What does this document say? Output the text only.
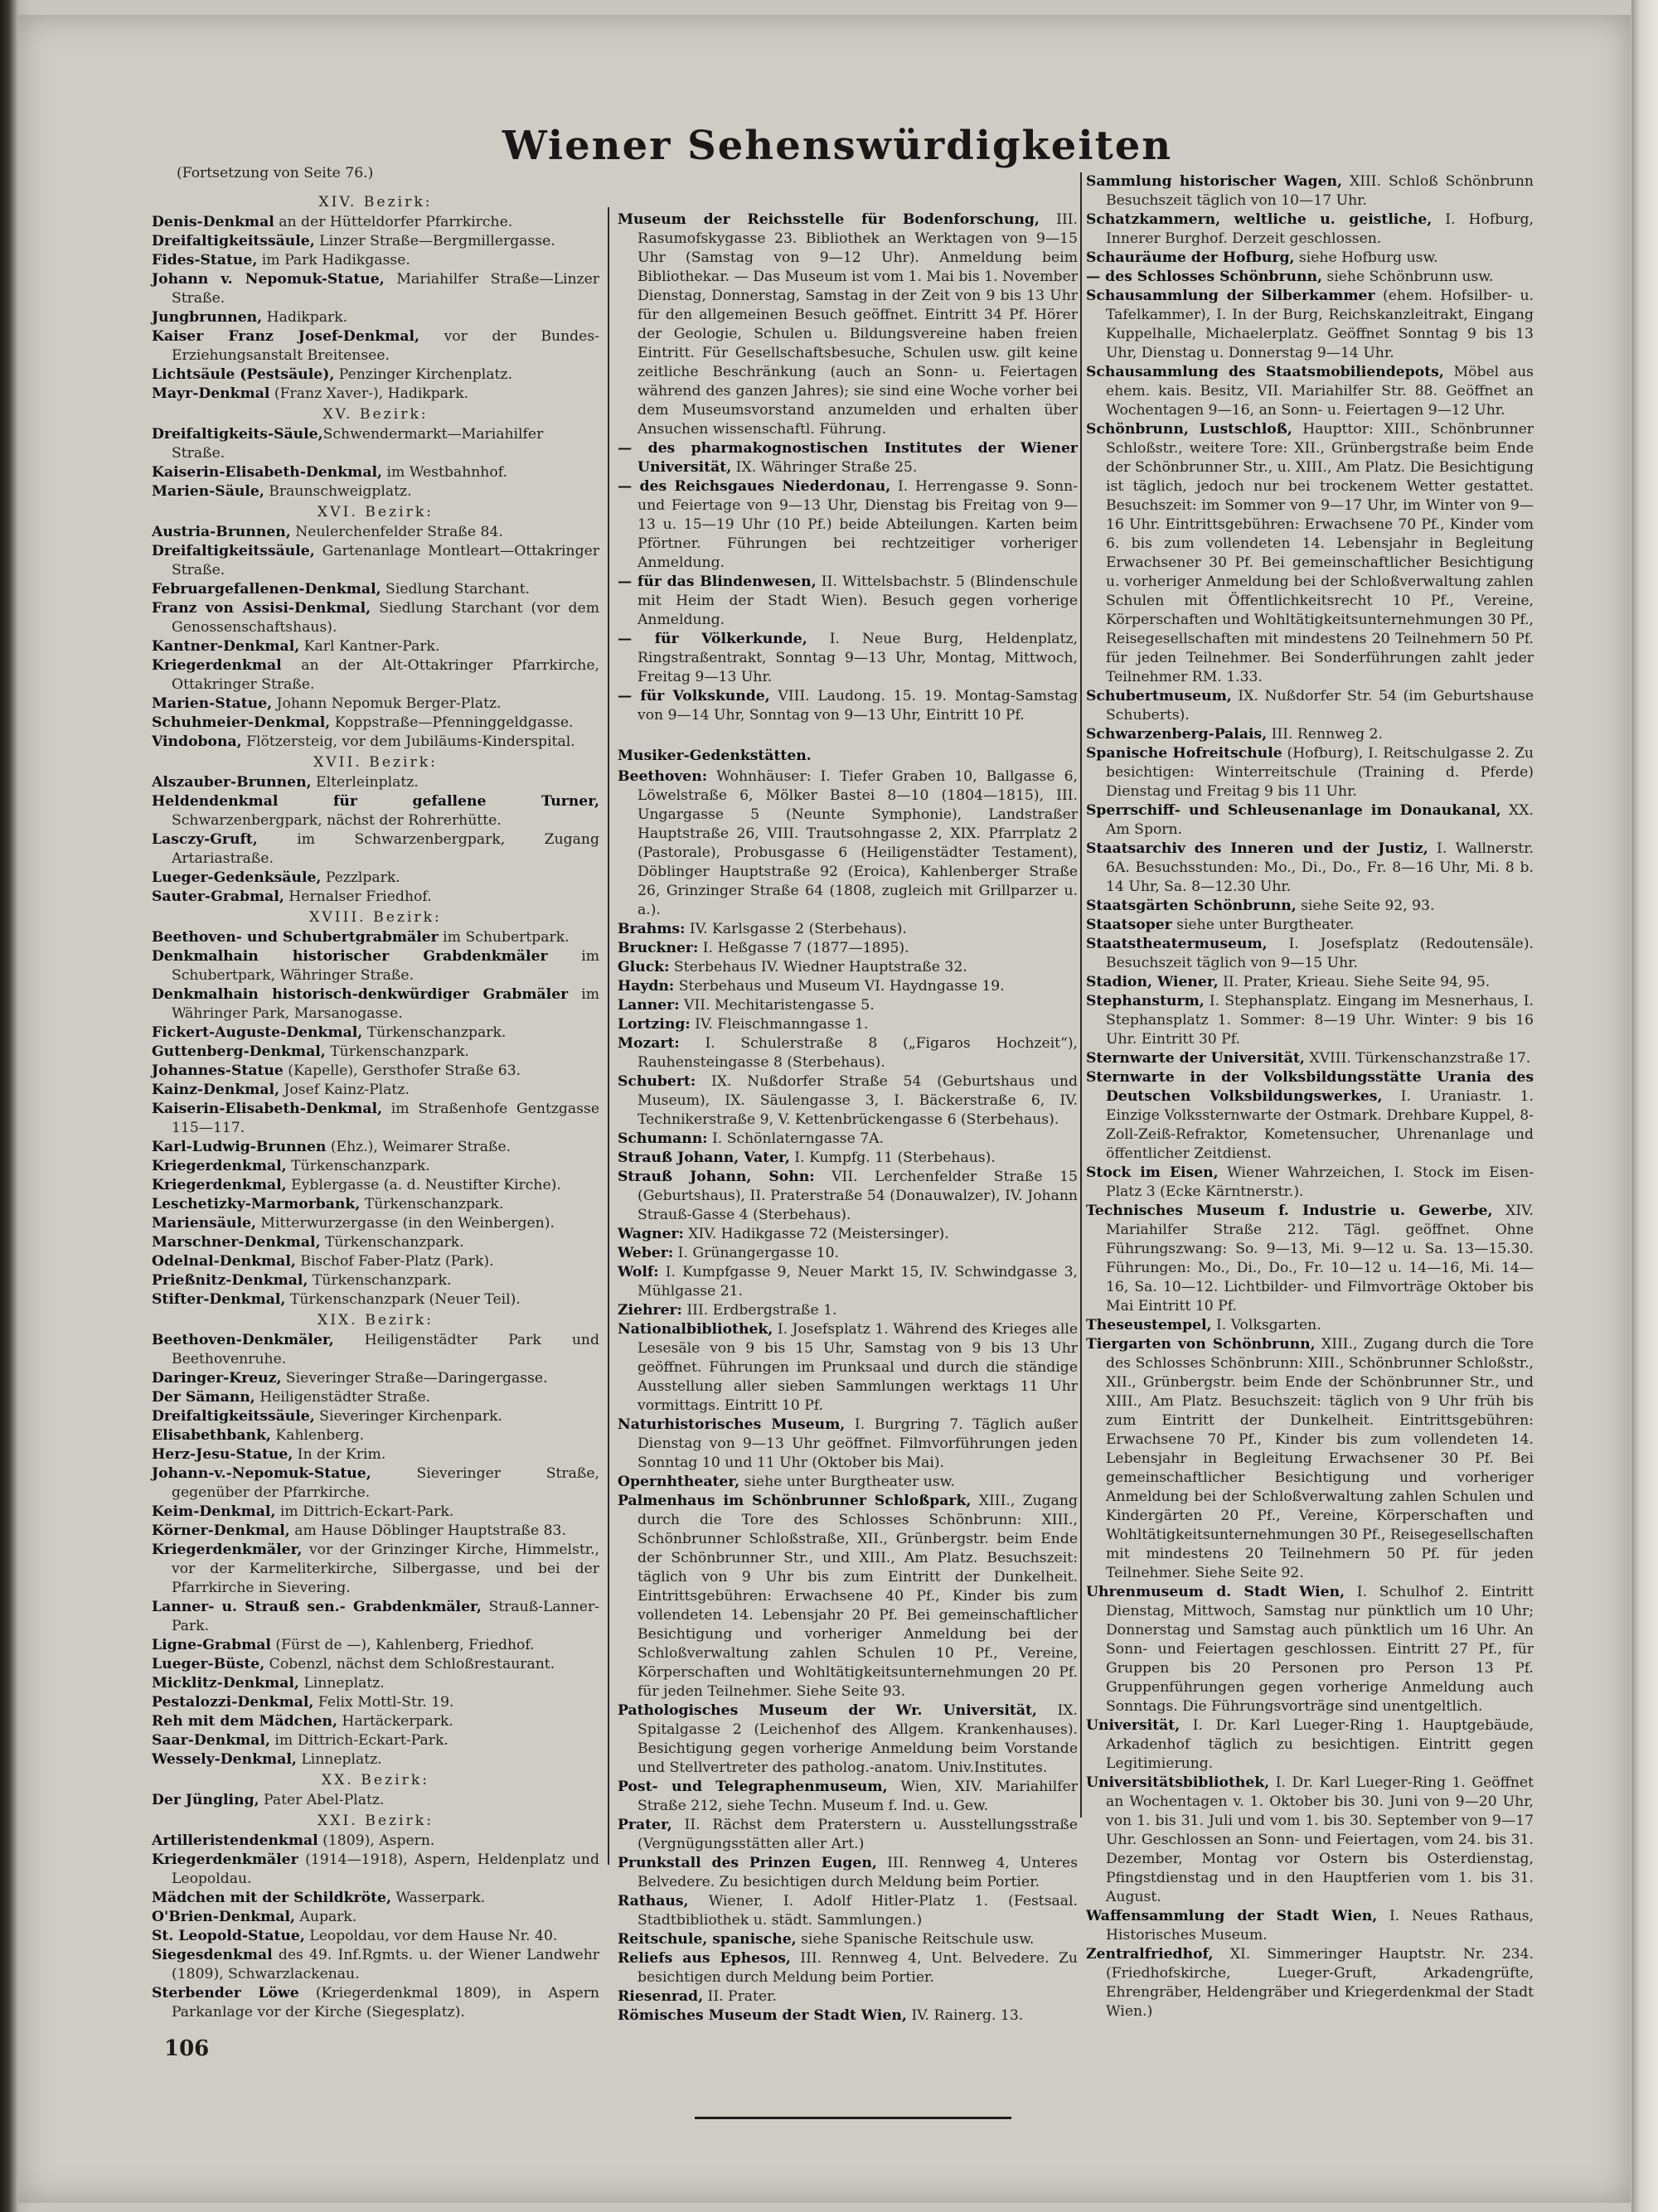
Wiener Sehenswürdigkeiten

(Fortsetzung von Seite 76.)

XIV. Bezirk:

Denis-Denkmal an der Hütteldorfer Pfarrkirche.

Dreifaltigkeitssäule, Linzer Straße—Bergmillergasse.

Fides-Statue, im Park Hadikgasse.

Johann v. Nepomuk-Statue, Mariahilfer Straße—Linzer Straße.

Jungbrunnen, Hadikpark.

Kaiser Franz Josef-Denkmal, vor der Bundes-Erziehungsanstalt Breitensee.

Lichtsäule (Pestsäule), Penzinger Kirchenplatz.

Mayr-Denkmal (Franz Xaver-), Hadikpark.

XV. Bezirk:

Dreifaltigkeits-Säule,Schwendermarkt—Mariahilfer Straße.

Kaiserin-Elisabeth-Denkmal, im Westbahnhof.

Marien-Säule, Braunschweigplatz.

XVI. Bezirk:

Austria-Brunnen, Neulerchenfelder Straße 84.

Dreifaltigkeitssäule, Gartenanlage Montleart—Ottakringer Straße.

Februargefallenen-Denkmal, Siedlung Starchant.

Franz von Assisi-Denkmal, Siedlung Starchant (vor dem Genossenschaftshaus).

Kantner-Denkmal, Karl Kantner-Park.

Kriegerdenkmal an der Alt-Ottakringer Pfarrkirche, Ottakringer Straße.

Marien-Statue, Johann Nepomuk Berger-Platz.

Schuhmeier-Denkmal, Koppstraße—Pfenninggeldgasse.

Vindobona, Flötzersteig, vor dem Jubiläums-Kinderspital.

XVII. Bezirk:

Alszauber-Brunnen, Elterleinplatz.

Heldendenkmal für gefallene Turner, Schwarzenbergpark, nächst der Rohrerhütte.

Lasczy-Gruft, im Schwarzenbergpark, Zugang Artariastraße.

Lueger-Gedenksäule, Pezzlpark.

Sauter-Grabmal, Hernalser Friedhof.

XVIII. Bezirk:

Beethoven- und Schubertgrabmäler im Schubertpark.

Denkmalhain historischer Grabdenkmäler im Schubertpark, Währinger Straße.

Denkmalhain historisch-denkwürdiger Grabmäler im Währinger Park, Marsanogasse.

Fickert-Auguste-Denkmal, Türkenschanzpark.

Guttenberg-Denkmal, Türkenschanzpark.

Johannes-Statue (Kapelle), Gersthofer Straße 63.

Kainz-Denkmal, Josef Kainz-Platz.

Kaiserin-Elisabeth-Denkmal, im Straßenhofe Gentzgasse 115—117.

Karl-Ludwig-Brunnen (Ehz.), Weimarer Straße.

Kriegerdenkmal, Türkenschanzpark.

Kriegerdenkmal, Eyblergasse (a. d. Neustifter Kirche).

Leschetizky-Marmorbank, Türkenschanzpark.

Mariensäule, Mitterwurzergasse (in den Weinbergen).

Marschner-Denkmal, Türkenschanzpark.

Odelnal-Denkmal, Bischof Faber-Platz (Park).

Prießnitz-Denkmal, Türkenschanzpark.

Stifter-Denkmal, Türkenschanzpark (Neuer Teil).

XIX. Bezirk:

Beethoven-Denkmäler, Heiligenstädter Park und Beethovenruhe.

Daringer-Kreuz, Sieveringer Straße—Daringergasse.

Der Sämann, Heiligenstädter Straße.

Dreifaltigkeitssäule, Sieveringer Kirchenpark.

Elisabethbank, Kahlenberg.

Herz-Jesu-Statue, In der Krim.

Johann-v.-Nepomuk-Statue, Sieveringer Straße, gegenüber der Pfarrkirche.

Keim-Denkmal, im Dittrich-Eckart-Park.

Körner-Denkmal, am Hause Döblinger Hauptstraße 83.

Kriegerdenkmäler, vor der Grinzinger Kirche, Himmelstr., vor der Karmeliterkirche, Silbergasse, und bei der Pfarrkirche in Sievering.

Lanner- u. Strauß sen.- Grabdenkmäler, Strauß-Lanner-Park.

Ligne-Grabmal (Fürst de —), Kahlenberg, Friedhof.

Lueger-Büste, Cobenzl, nächst dem Schloßrestaurant.

Micklitz-Denkmal, Linneplatz.

Pestalozzi-Denkmal, Felix Mottl-Str. 19.

Reh mit dem Mädchen, Hartäckerpark.

Saar-Denkmal, im Dittrich-Eckart-Park.

Wessely-Denkmal, Linneplatz.

XX. Bezirk:

Der Jüngling, Pater Abel-Platz.

XXI. Bezirk:

Artilleristendenkmal (1809), Aspern.

Kriegerdenkmäler (1914—1918), Aspern, Heldenplatz und Leopoldau.

Mädchen mit der Schildkröte, Wasserpark.

O'Brien-Denkmal, Aupark.

St. Leopold-Statue, Leopoldau, vor dem Hause Nr. 40.

Siegesdenkmal des 49. Inf.Rgmts. u. der Wiener Landwehr (1809), Schwarzlackenau.

Sterbender Löwe (Kriegerdenkmal 1809), in Aspern Parkanlage vor der Kirche (Siegesplatz).

Museum der Reichsstelle für Bodenforschung, III. Rasumofskygasse 23. Bibliothek an Werktagen von 9—15 Uhr (Samstag von 9—12 Uhr). Anmeldung beim Bibliothekar. — Das Museum ist vom 1. Mai bis 1. November Dienstag, Donnerstag, Samstag in der Zeit von 9 bis 13 Uhr für den allgemeinen Besuch geöffnet. Eintritt 34 Pf. Hörer der Geologie, Schulen u. Bildungsvereine haben freien Eintritt. Für Gesellschaftsbesuche, Schulen usw. gilt keine zeitliche Beschränkung (auch an Sonn- u. Feiertagen während des ganzen Jahres); sie sind eine Woche vorher bei dem Museumsvorstand anzumelden und erhalten über Ansuchen wissenschaftl. Führung.

— des pharmakognostischen Institutes der Wiener Universität, IX. Währinger Straße 25.

— des Reichsgaues Niederdonau, I. Herrengasse 9. Sonn- und Feiertage von 9—13 Uhr, Dienstag bis Freitag von 9—13 u. 15—19 Uhr (10 Pf.) beide Abteilungen. Karten beim Pförtner. Führungen bei rechtzeitiger vorheriger Anmeldung.

— für das Blindenwesen, II. Wittelsbachstr. 5 (Blindenschule mit Heim der Stadt Wien). Besuch gegen vorherige Anmeldung.

— für Völkerkunde, I. Neue Burg, Heldenplatz, Ringstraßentrakt, Sonntag 9—13 Uhr, Montag, Mittwoch, Freitag 9—13 Uhr.

— für Volkskunde, VIII. Laudong. 15. 19. Montag-Samstag von 9—14 Uhr, Sonntag von 9—13 Uhr, Eintritt 10 Pf.

Musiker-Gedenkstätten.

Beethoven: Wohnhäuser: I. Tiefer Graben 10, Ballgasse 6, Löwelstraße 6, Mölker Bastei 8—10 (1804—1815), III. Ungargasse 5 (Neunte Symphonie), Landstraßer Hauptstraße 26, VIII. Trautsohngasse 2, XIX. Pfarrplatz 2 (Pastorale), Probusgasse 6 (Heiligenstädter Testament), Döblinger Hauptstraße 92 (Eroica), Kahlenberger Straße 26, Grinzinger Straße 64 (1808, zugleich mit Grillparzer u. a.).

Brahms: IV. Karlsgasse 2 (Sterbehaus).

Bruckner: I. Heßgasse 7 (1877—1895).

Gluck: Sterbehaus IV. Wiedner Hauptstraße 32.

Haydn: Sterbehaus und Museum VI. Haydngasse 19.

Lanner: VII. Mechitaristengasse 5.

Lortzing: IV. Fleischmanngasse 1.

Mozart: I. Schulerstraße 8 („Figaros Hochzeit“), Rauhensteingasse 8 (Sterbehaus).

Schubert: IX. Nußdorfer Straße 54 (Geburtshaus und Museum), IX. Säulengasse 3, I. Bäckerstraße 6, IV. Technikerstraße 9, V. Kettenbrückengasse 6 (Sterbehaus).

Schumann: I. Schönlaterngasse 7A.

Strauß Johann, Vater, I. Kumpfg. 11 (Sterbehaus).

Strauß Johann, Sohn: VII. Lerchenfelder Straße 15 (Geburtshaus), II. Praterstraße 54 (Donauwalzer), IV. Johann Strauß-Gasse 4 (Sterbehaus).

Wagner: XIV. Hadikgasse 72 (Meistersinger).

Weber: I. Grünangergasse 10.

Wolf: I. Kumpfgasse 9, Neuer Markt 15, IV. Schwindgasse 3, Mühlgasse 21.

Ziehrer: III. Erdbergstraße 1.

Nationalbibliothek, I. Josefsplatz 1. Während des Krieges alle Lesesäle von 9 bis 15 Uhr, Samstag von 9 bis 13 Uhr geöffnet. Führungen im Prunksaal und durch die ständige Ausstellung aller sieben Sammlungen werktags 11 Uhr vormittags. Eintritt 10 Pf.

Naturhistorisches Museum, I. Burgring 7. Täglich außer Dienstag von 9—13 Uhr geöffnet. Filmvorführungen jeden Sonntag 10 und 11 Uhr (Oktober bis Mai).

Opernhtheater, siehe unter Burgtheater usw.

Palmenhaus im Schönbrunner Schloßpark, XIII., Zugang durch die Tore des Schlosses Schönbrunn: XIII., Schönbrunner Schloßstraße, XII., Grünbergstr. beim Ende der Schönbrunner Str., und XIII., Am Platz. Besuchszeit: täglich von 9 Uhr bis zum Eintritt der Dunkelheit. Eintrittsgebühren: Erwachsene 40 Pf., Kinder bis zum vollendeten 14. Lebensjahr 20 Pf. Bei gemeinschaftlicher Besichtigung und vorheriger Anmeldung bei der Schloßverwaltung zahlen Schulen 10 Pf., Vereine, Körperschaften und Wohltätigkeitsunternehmungen 20 Pf. für jeden Teilnehmer. Siehe Seite 93.

Pathologisches Museum der Wr. Universität, IX. Spitalgasse 2 (Leichenhof des Allgem. Krankenhauses). Besichtigung gegen vorherige Anmeldung beim Vorstande und Stellvertreter des patholog.-anatom. Univ.Institutes.

Post- und Telegraphenmuseum, Wien, XIV. Mariahilfer Straße 212, siehe Techn. Museum f. Ind. u. Gew.

Prater, II. Rächst dem Praterstern u. Ausstellungsstraße (Vergnügungsstätten aller Art.)

Prunkstall des Prinzen Eugen, III. Rennweg 4, Unteres Belvedere. Zu besichtigen durch Meldung beim Portier.

Rathaus, Wiener, I. Adolf Hitler-Platz 1. (Festsaal. Stadtbibliothek u. städt. Sammlungen.)

Reitschule, spanische, siehe Spanische Reitschule usw.

Reliefs aus Ephesos, III. Rennweg 4, Unt. Belvedere. Zu besichtigen durch Meldung beim Portier.

Riesenrad, II. Prater.

Römisches Museum der Stadt Wien, IV. Rainerg. 13.

Sammlung historischer Wagen, XIII. Schloß Schönbrunn Besuchszeit täglich von 10—17 Uhr.

Schatzkammern, weltliche u. geistliche, I. Hofburg, Innerer Burghof. Derzeit geschlossen.

Schauräume der Hofburg, siehe Hofburg usw.

— des Schlosses Schönbrunn, siehe Schönbrunn usw.

Schausammlung der Silberkammer (ehem. Hofsilber- u. Tafelkammer), I. In der Burg, Reichskanzleitrakt, Eingang Kuppelhalle, Michaelerplatz. Geöffnet Sonntag 9 bis 13 Uhr, Dienstag u. Donnerstag 9—14 Uhr.

Schausammlung des Staatsmobiliendepots, Möbel aus ehem. kais. Besitz, VII. Mariahilfer Str. 88. Geöffnet an Wochentagen 9—16, an Sonn- u. Feiertagen 9—12 Uhr.

Schönbrunn, Lustschloß, Haupttor: XIII., Schönbrunner Schloßstr., weitere Tore: XII., Grünbergstraße beim Ende der Schönbrunner Str., u. XIII., Am Platz. Die Besichtigung ist täglich, jedoch nur bei trockenem Wetter gestattet. Besuchszeit: im Sommer von 9—17 Uhr, im Winter von 9—16 Uhr. Eintrittsgebühren: Erwachsene 70 Pf., Kinder vom 6. bis zum vollendeten 14. Lebensjahr in Begleitung Erwachsener 30 Pf. Bei gemeinschaftlicher Besichtigung u. vorheriger Anmeldung bei der Schloßverwaltung zahlen Schulen mit Öffentlichkeitsrecht 10 Pf., Vereine, Körperschaften und Wohltätigkeitsunternehmungen 30 Pf., Reisegesellschaften mit mindestens 20 Teilnehmern 50 Pf. für jeden Teilnehmer. Bei Sonderführungen zahlt jeder Teilnehmer RM. 1.33.

Schubertmuseum, IX. Nußdorfer Str. 54 (im Geburtshause Schuberts).

Schwarzenberg-Palais, III. Rennweg 2.

Spanische Hofreitschule (Hofburg), I. Reitschulgasse 2. Zu besichtigen: Winterreitschule (Training d. Pferde) Dienstag und Freitag 9 bis 11 Uhr.

Sperrschiff- und Schleusenanlage im Donaukanal, XX. Am Sporn.

Staatsarchiv des Inneren und der Justiz, I. Wallnerstr. 6A. Besuchsstunden: Mo., Di., Do., Fr. 8—16 Uhr, Mi. 8 b. 14 Uhr, Sa. 8—12.30 Uhr.

Staatsgärten Schönbrunn, siehe Seite 92, 93.

Staatsoper siehe unter Burgtheater.

Staatstheatermuseum, I. Josefsplatz (Redoutensäle). Besuchszeit täglich von 9—15 Uhr.

Stadion, Wiener, II. Prater, Krieau. Siehe Seite 94, 95.

Stephansturm, I. Stephansplatz. Eingang im Mesnerhaus, I. Stephansplatz 1. Sommer: 8—19 Uhr. Winter: 9 bis 16 Uhr. Eintritt 30 Pf.

Sternwarte der Universität, XVIII. Türkenschanzstraße 17.

Sternwarte in der Volksbildungsstätte Urania des Deutschen Volksbildungswerkes, I. Uraniastr. 1. Einzige Volkssternwarte der Ostmark. Drehbare Kuppel, 8-Zoll-Zeiß-Refraktor, Kometensucher, Uhrenanlage und öffentlicher Zeitdienst.

Stock im Eisen, Wiener Wahrzeichen, I. Stock im Eisen-Platz 3 (Ecke Kärntnerstr.).

Technisches Museum f. Industrie u. Gewerbe, XIV. Mariahilfer Straße 212. Tägl. geöffnet. Ohne Führungszwang: So. 9—13, Mi. 9—12 u. Sa. 13—15.30. Führungen: Mo., Di., Do., Fr. 10—12 u. 14—16, Mi. 14—16, Sa. 10—12. Lichtbilder- und Filmvorträge Oktober bis Mai Eintritt 10 Pf.

Theseustempel, I. Volksgarten.

Tiergarten von Schönbrunn, XIII., Zugang durch die Tore des Schlosses Schönbrunn: XIII., Schönbrunner Schloßstr., XII., Grünbergstr. beim Ende der Schönbrunner Str., und XIII., Am Platz. Besuchszeit: täglich von 9 Uhr früh bis zum Eintritt der Dunkelheit. Eintrittsgebühren: Erwachsene 70 Pf., Kinder bis zum vollendeten 14. Lebensjahr in Begleitung Erwachsener 30 Pf. Bei gemeinschaftlicher Besichtigung und vorheriger Anmeldung bei der Schloßverwaltung zahlen Schulen und Kindergärten 20 Pf., Vereine, Körperschaften und Wohltätigkeitsunternehmungen 30 Pf., Reisegesellschaften mit mindestens 20 Teilnehmern 50 Pf. für jeden Teilnehmer. Siehe Seite 92.

Uhrenmuseum d. Stadt Wien, I. Schulhof 2. Eintritt Dienstag, Mittwoch, Samstag nur pünktlich um 10 Uhr; Donnerstag und Samstag auch pünktlich um 16 Uhr. An Sonn- und Feiertagen geschlossen. Eintritt 27 Pf., für Gruppen bis 20 Personen pro Person 13 Pf. Gruppenführungen gegen vorherige Anmeldung auch Sonntags. Die Führungsvorträge sind unentgeltlich.

Universität, I. Dr. Karl Lueger-Ring 1. Hauptgebäude, Arkadenhof täglich zu besichtigen. Eintritt gegen Legitimierung.

Universitätsbibliothek, I. Dr. Karl Lueger-Ring 1. Geöffnet an Wochentagen v. 1. Oktober bis 30. Juni von 9—20 Uhr, von 1. bis 31. Juli und vom 1. bis 30. September von 9—17 Uhr. Geschlossen an Sonn- und Feiertagen, vom 24. bis 31. Dezember, Montag vor Ostern bis Osterdienstag, Pfingstdienstag und in den Hauptferien vom 1. bis 31. August.

Waffensammlung der Stadt Wien, I. Neues Rathaus, Historisches Museum.

Zentralfriedhof, XI. Simmeringer Hauptstr. Nr. 234. (Friedhofskirche, Lueger-Gruft, Arkadengrüfte, Ehrengräber, Heldengräber und Kriegerdenkmal der Stadt Wien.)

106
